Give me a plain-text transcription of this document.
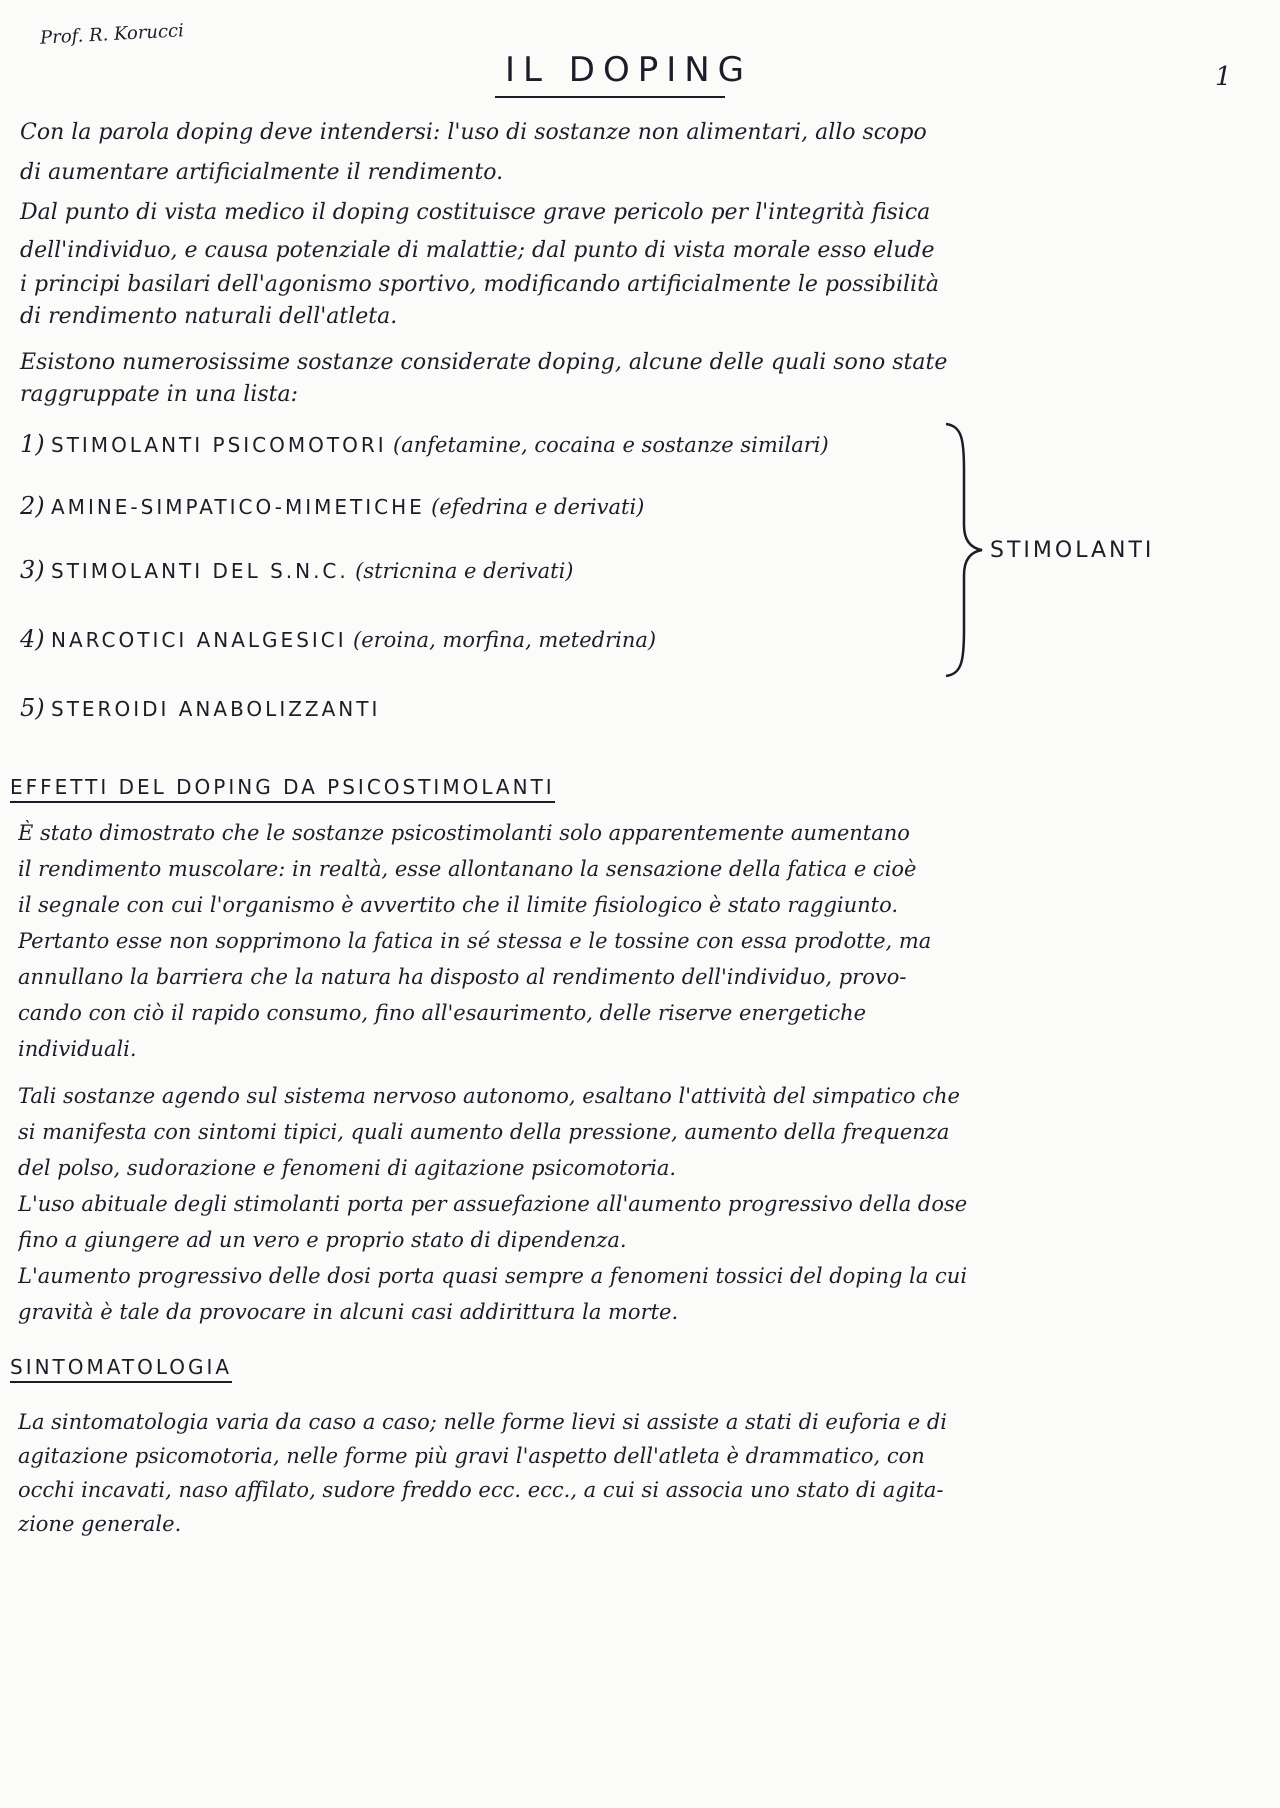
Prof. R. Korucci
IL DOPING	1
Con la parola doping deve intendersi: l'uso di sostanze non alimentari, allo scopo
di aumentare artificialmente il rendimento.
Dal punto di vista medico il doping costituisce grave pericolo per l'integrità fisica
dell'individuo, e causa potenziale di malattie; dal punto di vista morale esso elude
i principi basilari dell'agonismo sportivo, modificando artificialmente le possibilità
di rendimento naturali dell'atleta.
Esistono numerosissime sostanze considerate doping, alcune delle quali sono state
raggruppate in una lista:
1) STIMOLANTI PSICOMOTORI (anfetamine, cocaina e sostanze similari)
2) AMINE-SIMPATICO-MIMETICHE (efedrina e derivati)
3) STIMOLANTI DEL S.N.C. (stricnina e derivati)
4) NARCOTICI ANALGESICI (eroina, morfina, metedrina)
5) STEROIDI ANABOLIZZANTI
STIMOLANTI
EFFETTI DEL DOPING DA PSICOSTIMOLANTI
È stato dimostrato che le sostanze psicostimolanti solo apparentemente aumentano
il rendimento muscolare: in realtà, esse allontanano la sensazione della fatica e cioè
il segnale con cui l'organismo è avvertito che il limite fisiologico è stato raggiunto.
Pertanto esse non sopprimono la fatica in sé stessa e le tossine con essa prodotte, ma
annullano la barriera che la natura ha disposto al rendimento dell'individuo, provo-
cando con ciò il rapido consumo, fino all'esaurimento, delle riserve energetiche
individuali.
Tali sostanze agendo sul sistema nervoso autonomo, esaltano l'attività del simpatico che
si manifesta con sintomi tipici, quali aumento della pressione, aumento della frequenza
del polso, sudorazione e fenomeni di agitazione psicomotoria.
L'uso abituale degli stimolanti porta per assuefazione all'aumento progressivo della dose
fino a giungere ad un vero e proprio stato di dipendenza.
L'aumento progressivo delle dosi porta quasi sempre a fenomeni tossici del doping la cui
gravità è tale da provocare in alcuni casi addirittura la morte.
SINTOMATOLOGIA
La sintomatologia varia da caso a caso; nelle forme lievi si assiste a stati di euforia e di
agitazione psicomotoria, nelle forme più gravi l'aspetto dell'atleta è drammatico, con
occhi incavati, naso affilato, sudore freddo ecc. ecc., a cui si associa uno stato di agita-
zione generale.
